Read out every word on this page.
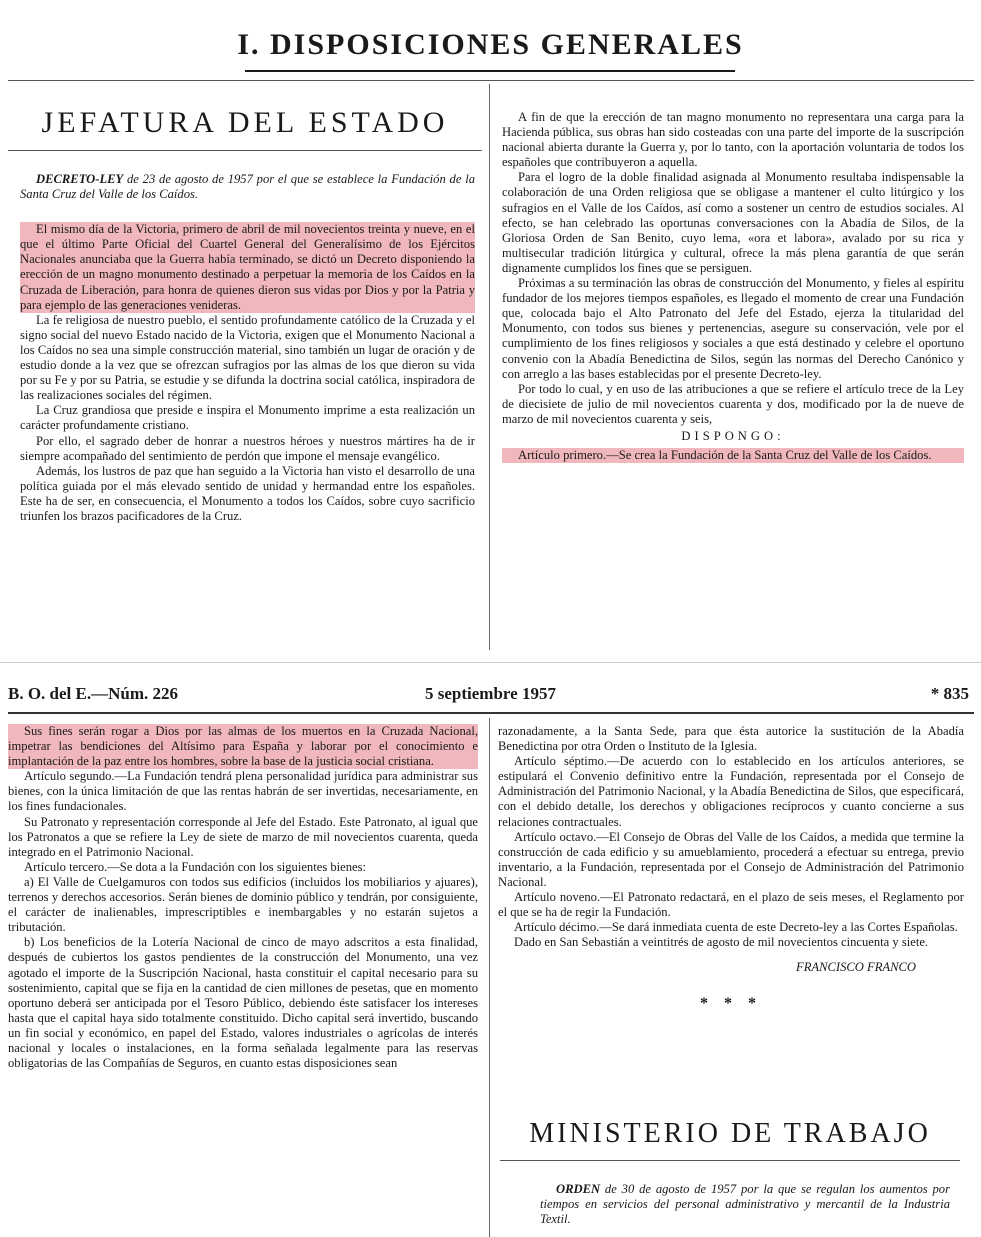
I. DISPOSICIONES GENERALES
JEFATURA DEL ESTADO
DECRETO-LEY de 23 de agosto de 1957 por el que se establece la Fundación de la Santa Cruz del Valle de los Caídos.

El mismo día de la Victoria, primero de abril de mil novecientos treinta y nueve, en el que el último Parte Oficial del Cuartel General del Generalísimo de los Ejércitos Nacionales anunciaba que la Guerra había terminado, se dictó un Decreto disponiendo la erección de un magno monumento destinado a perpetuar la memoria de los Caídos en la Cruzada de Liberación, para honra de quienes dieron sus vidas por Dios y por la Patria y para ejemplo de las generaciones venideras.

La fe religiosa de nuestro pueblo, el sentido profundamente católico de la Cruzada y el signo social del nuevo Estado nacido de la Victoria, exigen que el Monumento Nacional a los Caídos no sea una simple construcción material, sino también un lugar de oración y de estudio donde a la vez que se ofrezcan sufragios por las almas de los que dieron su vida por su Fe y por su Patria, se estudie y se difunda la doctrina social católica, inspiradora de las realizaciones sociales del régimen.

La Cruz grandiosa que preside e inspira el Monumento imprime a esta realización un carácter profundamente cristiano.

Por ello, el sagrado deber de honrar a nuestros héroes y nuestros mártires ha de ir siempre acompañado del sentimiento de perdón que impone el mensaje evangélico.

Además, los lustros de paz que han seguido a la Victoria han visto el desarrollo de una política guiada por el más elevado sentido de unidad y hermandad entre los españoles. Este ha de ser, en consecuencia, el Monumento a todos los Caídos, sobre cuyo sacrificio triunfen los brazos pacificadores de la Cruz.

A fin de que la erección de tan magno monumento no representara una carga para la Hacienda pública, sus obras han sido costeadas con una parte del importe de la suscripción nacional abierta durante la Guerra y, por lo tanto, con la aportación voluntaria de todos los españoles que contribuyeron a aquella.

Para el logro de la doble finalidad asignada al Monumento resultaba indispensable la colaboración de una Orden religiosa que se obligase a mantener el culto litúrgico y los sufragios en el Valle de los Caídos, así como a sostener un centro de estudios sociales. Al efecto, se han celebrado las oportunas conversaciones con la Abadía de Silos, de la Gloriosa Orden de San Benito, cuyo lema, «ora et labora», avalado por su rica y multisecular tradición litúrgica y cultural, ofrece la más plena garantía de que serán dignamente cumplidos los fines que se persiguen.

Próximas a su terminación las obras de construcción del Monumento, y fieles al espíritu fundador de los mejores tiempos españoles, es llegado el momento de crear una Fundación que, colocada bajo el Alto Patronato del Jefe del Estado, ejerza la titularidad del Monumento, con todos sus bienes y pertenencias, asegure su conservación, vele por el cumplimiento de los fines religiosos y sociales a que está destinado y celebre el oportuno convenio con la Abadía Benedictina de Silos, según las normas del Derecho Canónico y con arreglo a las bases establecidas por el presente Decreto-ley.

Por todo lo cual, y en uso de las atribuciones a que se refiere el artículo trece de la Ley de diecisiete de julio de mil novecientos cuarenta y dos, modificado por la de nueve de marzo de mil novecientos cuarenta y seis,

DISPONGO:

Artículo primero.—Se crea la Fundación de la Santa Cruz del Valle de los Caídos.

B. O. del E.—Núm. 226	5 septiembre 1957	* 835

Sus fines serán rogar a Dios por las almas de los muertos en la Cruzada Nacional, impetrar las bendiciones del Altísimo para España y laborar por el conocimiento e implantación de la paz entre los hombres, sobre la base de la justicia social cristiana.

Artículo segundo.—La Fundación tendrá plena personalidad jurídica para administrar sus bienes, con la única limitación de que las rentas habrán de ser invertidas, necesariamente, en los fines fundacionales.

Su Patronato y representación corresponde al Jefe del Estado. Este Patronato, al igual que los Patronatos a que se refiere la Ley de siete de marzo de mil novecientos cuarenta, queda integrado en el Patrimonio Nacional.

Artículo tercero.—Se dota a la Fundación con los siguientes bienes:

a) El Valle de Cuelgamuros con todos sus edificios (incluidos los mobiliarios y ajuares), terrenos y derechos accesorios. Serán bienes de dominio público y tendrán, por consiguiente, el carácter de inalienables, imprescriptibles e inembargables y no estarán sujetos a tributación.

b) Los beneficios de la Lotería Nacional de cinco de mayo adscritos a esta finalidad, después de cubiertos los gastos pendientes de la construcción del Monumento, una vez agotado el importe de la Suscripción Nacional, hasta constituir el capital necesario para su sostenimiento, capital que se fija en la cantidad de cien millones de pesetas, que en momento oportuno deberá ser anticipada por el Tesoro Público, debiendo éste satisfacer los intereses hasta que el capital haya sido totalmente constituido. Dicho capital será invertido, buscando un fin social y económico, en papel del Estado, valores industriales o agrícolas de interés nacional y locales o instalaciones, en la forma señalada legalmente para las reservas obligatorias de las Compañías de Seguros, en cuanto estas disposiciones sean

razonadamente, a la Santa Sede, para que ésta autorice la sustitución de la Abadía Benedictina por otra Orden o Instituto de la Iglesia.

Artículo séptimo.—De acuerdo con lo establecido en los artículos anteriores, se estipulará el Convenio definitivo entre la Fundación, representada por el Consejo de Administración del Patrimonio Nacional, y la Abadía Benedictina de Silos, que especificará, con el debido detalle, los derechos y obligaciones recíprocos y cuanto concierne a sus relaciones contractuales.

Artículo octavo.—El Consejo de Obras del Valle de los Caídos, a medida que termine la construcción de cada edificio y su amueblamiento, procederá a efectuar su entrega, previo inventario, a la Fundación, representada por el Consejo de Administración del Patrimonio Nacional.

Artículo noveno.—El Patronato redactará, en el plazo de seis meses, el Reglamento por el que se ha de regir la Fundación.

Artículo décimo.—Se dará inmediata cuenta de este Decreto-ley a las Cortes Españolas.

Dado en San Sebastián a veintitrés de agosto de mil novecientos cincuenta y siete.

FRANCISCO FRANCO
* * *
MINISTERIO DE TRABAJO
ORDEN de 30 de agosto de 1957 por la que se regulan los aumentos por tiempos en servicios del personal administrativo y mercantil de la Industria Textil.
